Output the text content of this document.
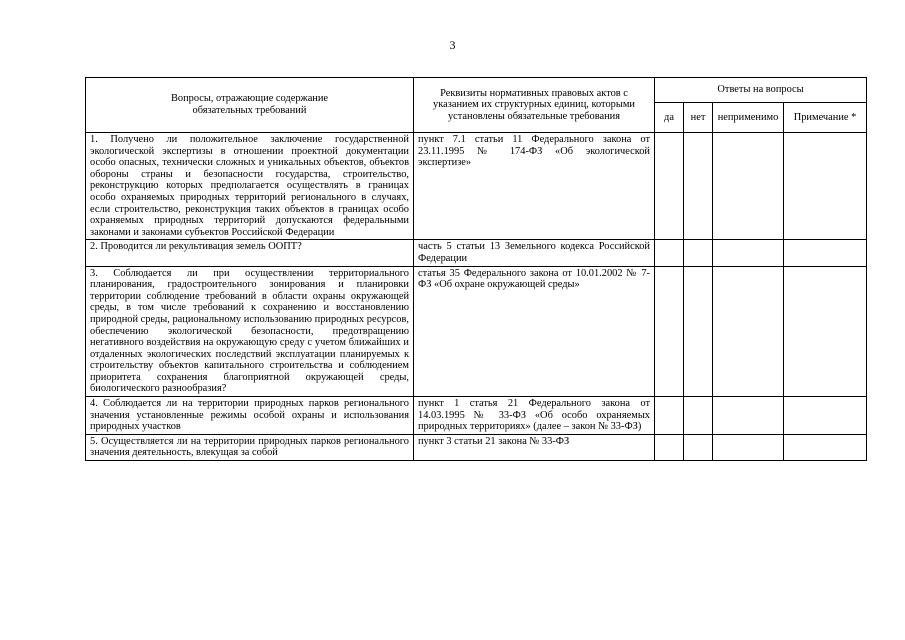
3
Вопросы, отражающие содержание обязательных требований	Реквизиты нормативных правовых актов с указанием их структурных единиц, которыми установлены обязательные требования	Ответы на вопросы			
		да	нет	неприменимо	Примечание *
1. Получено ли положительное заключение государственной экологической экспертизы в отношении проектной документации особо опасных, технически сложных и уникальных объектов, объектов обороны страны и безопасности государства, строительство, реконструкцию которых предполагается осуществлять в границах особо охраняемых природных территорий регионального в случаях, если строительство, реконструкция таких объектов в границах особо охраняемых природных территорий допускаются федеральными законами и законами субъектов Российской Федерации	пункт 7.1 статьи 11 Федерального закона от 23.11.1995 № 174-ФЗ «Об экологической экспертизе»				
2. Проводится ли рекультивация земель ООПТ?	часть 5 статьи 13 Земельного кодекса Российской Федерации				
3. Соблюдается ли при осуществлении территориального планирования, градостроительного зонирования и планировки территории соблюдение требований в области охраны окружающей среды, в том числе требований к сохранению и восстановлению природной среды, рациональному использованию природных ресурсов, обеспечению экологической безопасности, предотвращению негативного воздействия на окружающую среду с учетом ближайших и отдаленных экологических последствий эксплуатации планируемых к строительству объектов капитального строительства и соблюдением приоритета сохранения благоприятной окружающей среды, биологического разнообразия?	статья 35 Федерального закона от 10.01.2002 № 7-ФЗ «Об охране окружающей среды»				
4. Соблюдается ли на территории природных парков регионального значения установленные режимы особой охраны и использования природных участков	пункт 1 статья 21 Федерального закона от 14.03.1995 № 33-ФЗ «Об особо охраняемых природных территориях» (далее – закон № 33-ФЗ)				
5. Осуществляется ли на территории природных парков регионального значения деятельность, влекущая за собой	пункт 3 статьи 21 закона № 33-ФЗ				
